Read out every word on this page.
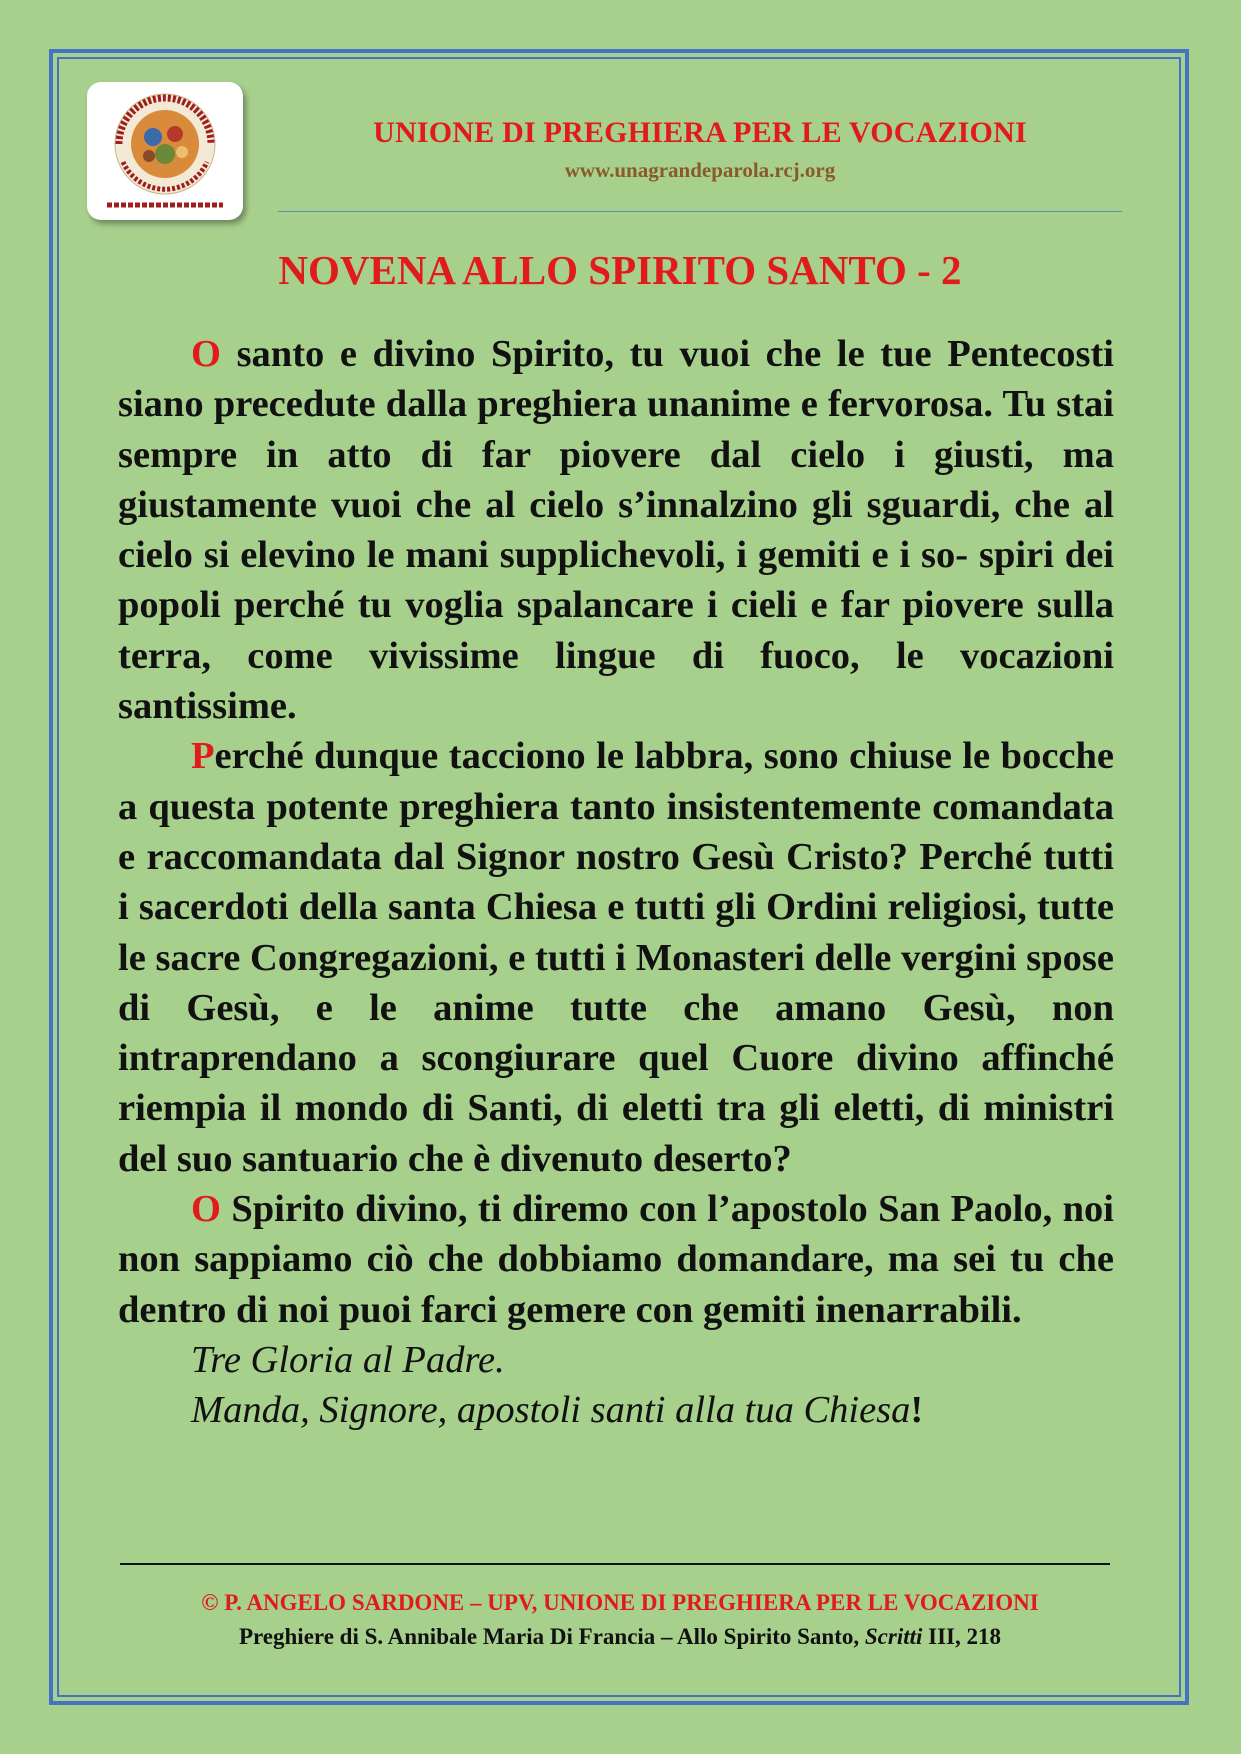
UNIONE DI PREGHIERA PER LE VOCAZIONI
www.unagrandeparola.rcj.org
NOVENA ALLO SPIRITO SANTO - 2

O santo e divino Spirito, tu vuoi che le tue Pentecosti siano precedute dalla preghiera unanime e fervorosa. Tu stai sempre in atto di far piovere dal cielo i giusti, ma giustamente vuoi che al cielo s’innalzino gli sguardi, che al cielo si elevino le mani supplichevoli, i gemiti e i so- spiri dei popoli perché tu voglia spalancare i cieli e far piovere sulla terra, come vivissime lingue di fuoco, le vocazioni santissime.

Perché dunque tacciono le labbra, sono chiuse le bocche a questa potente preghiera tanto insistentemente comandata e raccomandata dal Signor nostro Gesù Cristo? Perché tutti i sacerdoti della santa Chiesa e tutti gli Ordini religiosi, tutte le sacre Congregazioni, e tutti i Monasteri delle vergini spose di Gesù, e le anime tutte che amano Gesù, non intraprendano a scongiurare quel Cuore divino affinché riempia il mondo di Santi, di eletti tra gli eletti, di ministri del suo santuario che è divenuto deserto?

O Spirito divino, ti diremo con l’apostolo San Paolo, noi non sappiamo ciò che dobbiamo domandare, ma sei tu che dentro di noi puoi farci gemere con gemiti inenarrabili.

Tre Gloria al Padre.
Manda, Signore, apostoli santi alla tua Chiesa!
© P. ANGELO SARDONE – UPV, UNIONE DI PREGHIERA PER LE VOCAZIONI
Preghiere di S. Annibale Maria Di Francia – Allo Spirito Santo, Scritti III, 218
